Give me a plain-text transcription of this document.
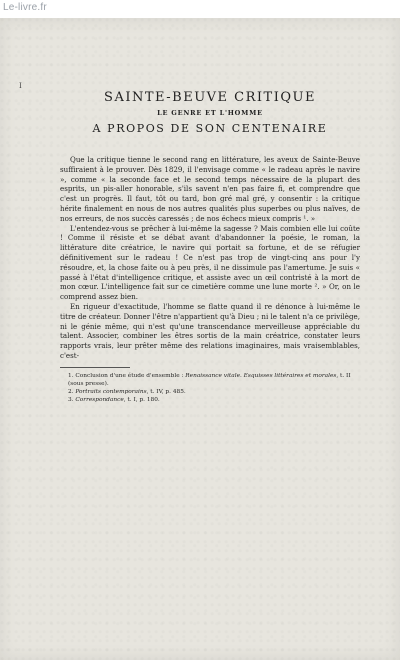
Le-livre.fr
I
SAINTE-BEUVE CRITIQUE
LE GENRE ET L'HOMME
A PROPOS DE SON CENTENAIRE

Que la critique tienne le second rang en littérature, les aveux de Sainte-Beuve suffiraient à le prouver. Dès 1829, il l'envisage comme « le radeau après le navire », comme « la seconde face et le second temps nécessaire de la plupart des esprits, un pis-aller honorable, s'ils savent n'en pas faire fi, et comprendre que c'est un progrès. Il faut, tôt ou tard, bon gré mal gré, y consentir : la critique hérite finalement en nous de nos autres qualités plus superbes ou plus naïves, de nos erreurs, de nos succès caressés ; de nos échecs mieux compris ¹. »

L'entendez-vous se prêcher à lui-même la sagesse ? Mais combien elle lui coûte ! Comme il résiste et se débat avant d'abandonner la poésie, le roman, la littérature dite créatrice, le navire qui portait sa fortune, et de se réfugier définitivement sur le radeau ! Ce n'est pas trop de vingt-cinq ans pour l'y résoudre, et, la chose faite ou à peu près, il ne dissimule pas l'amertume. Je suis « passé à l'état d'intelligence critique, et assiste avec un œil contristé à la mort de mon cœur. L'intelligence fait sur ce cimetière comme une lune morte ². » Or, on le comprend assez bien.

En rigueur d'exactitude, l'homme se flatte quand il re dénonce à lui-même le titre de créateur. Donner l'être n'appartient qu'à Dieu ; ni le talent n'a ce privilège, ni le génie même, qui n'est qu'une transcendance merveilleuse appréciable du talent. Associer, combiner les êtres sortis de la main créatrice, constater leurs rapports vrais, leur prêter même des relations imaginaires, mais vraisemblables, c'est-

1. Conclusion d'une étude d'ensemble : Renaissance vitale. Esquisses littéraires et morales, t. II (sous presse).
2. Portraits contemporains, t. IV, p. 485.
3. Correspondance, t. I, p. 180.
